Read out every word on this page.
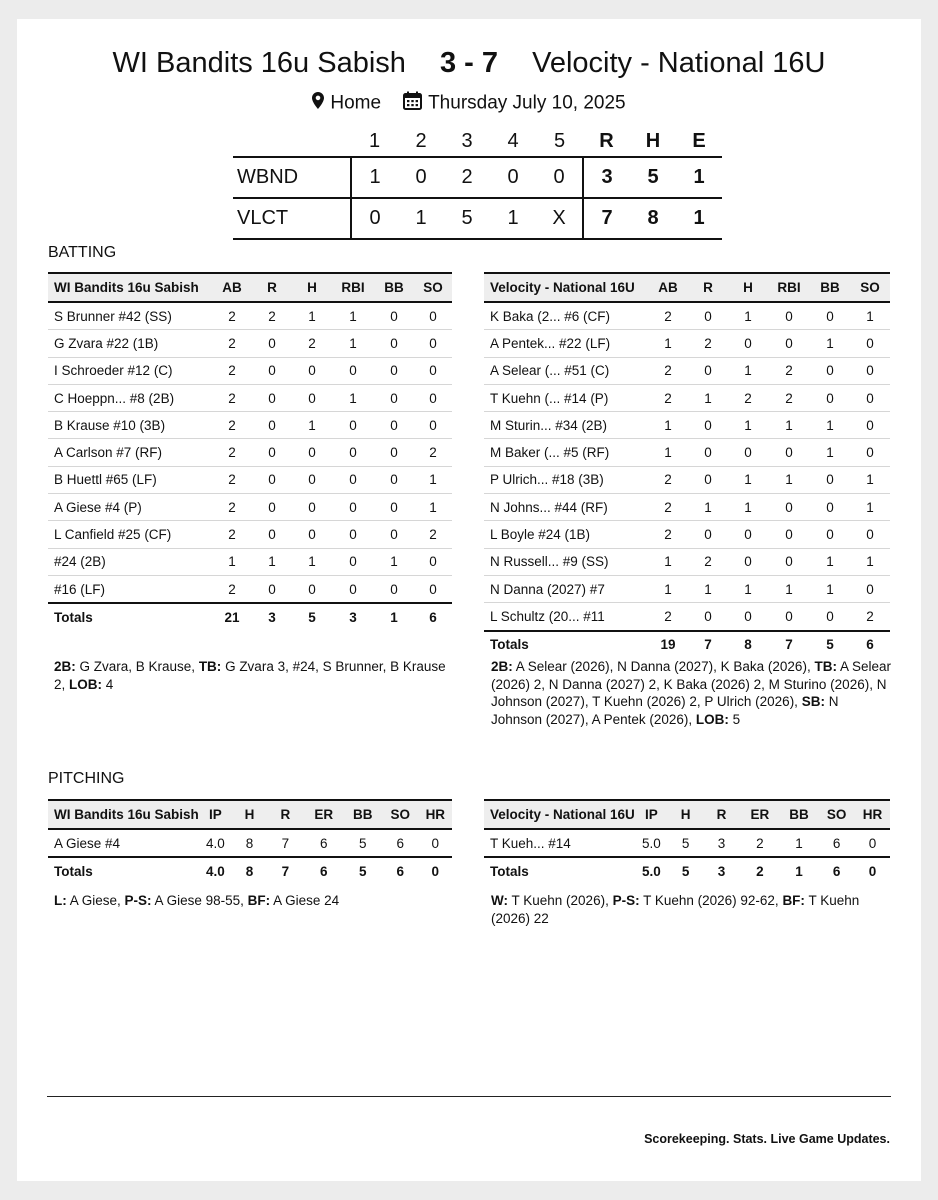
WI Bandits 16u Sabish 3 - 7 Velocity - National 16U
Home Thursday July 10, 2025
	1	2	3	4	5	R	H	E
WBND	1	0	2	0	0	3	5	1
VLCT	0	1	5	1	X	7	8	1
BATTING
WI Bandits 16u Sabish	AB	R	H	RBI	BB	SO
S Brunner #42 (SS)	2	2	1	1	0	0
G Zvara #22 (1B)	2	0	2	1	0	0
I Schroeder #12 (C)	2	0	0	0	0	0
C Hoeppn... #8 (2B)	2	0	0	1	0	0
B Krause #10 (3B)	2	0	1	0	0	0
A Carlson #7 (RF)	2	0	0	0	0	2
B Huettl #65 (LF)	2	0	0	0	0	1
A Giese #4 (P)	2	0	0	0	0	1
L Canfield #25 (CF)	2	0	0	0	0	2
#24 (2B)	1	1	1	0	1	0
#16 (LF)	2	0	0	0	0	0
Totals	21	3	5	3	1	6
Velocity - National 16U	AB	R	H	RBI	BB	SO
K Baka (2... #6 (CF)	2	0	1	0	0	1
A Pentek... #22 (LF)	1	2	0	0	1	0
A Selear (... #51 (C)	2	0	1	2	0	0
T Kuehn (... #14 (P)	2	1	2	2	0	0
M Sturin... #34 (2B)	1	0	1	1	1	0
M Baker (... #5 (RF)	1	0	0	0	1	0
P Ulrich... #18 (3B)	2	0	1	1	0	1
N Johns... #44 (RF)	2	1	1	0	0	1
L Boyle #24 (1B)	2	0	0	0	0	0
N Russell... #9 (SS)	1	2	0	0	1	1
N Danna (2027) #7	1	1	1	1	1	0
L Schultz (20... #11	2	0	0	0	0	2
Totals	19	7	8	7	5	6
2B: G Zvara, B Krause, TB: G Zvara 3, #24, S Brunner, B Krause 2, LOB: 4
2B: A Selear (2026), N Danna (2027), K Baka (2026), TB: A Selear (2026) 2, N Danna (2027) 2, K Baka (2026) 2, M Sturino (2026), N Johnson (2027), T Kuehn (2026) 2, P Ulrich (2026), SB: N Johnson (2027), A Pentek (2026), LOB: 5
PITCHING
WI Bandits 16u Sabish	IP	H	R	ER	BB	SO	HR
A Giese #4	4.0	8	7	6	5	6	0
Totals	4.0	8	7	6	5	6	0
Velocity - National 16U	IP	H	R	ER	BB	SO	HR
T Kueh... #14	5.0	5	3	2	1	6	0
Totals	5.0	5	3	2	1	6	0
L: A Giese, P-S: A Giese 98-55, BF: A Giese 24	W: T Kuehn (2026), P-S: T Kuehn (2026) 92-62, BF: T Kuehn (2026) 22
Scorekeeping. Stats. Live Game Updates.
